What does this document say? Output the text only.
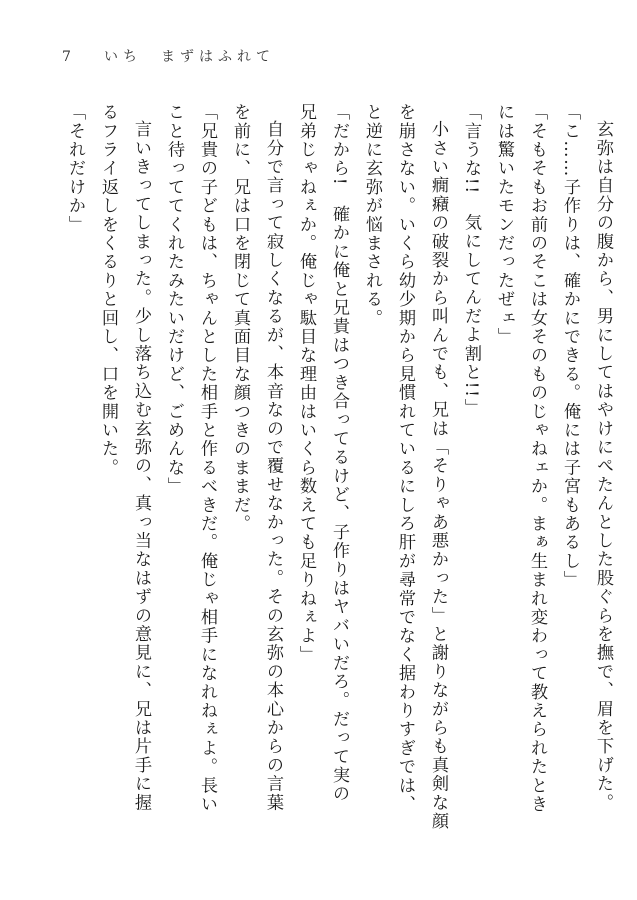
7 いち　まずはふれて

玄弥は自分の腹から、男にしてはやけにぺたんとした股ぐらを撫で、眉を下げた。

「こ……子作りは、確かにできる。俺には子宮もあるし」

「そもそもお前のそこは女そのものじゃねェか。まぁ生まれ変わって教えられたとき

には驚いたモンだったぜェ」

「言うな!!　気にしてんだよ割と!!」

小さい癇癪の破裂から叫んでも、兄は「そりゃあ悪かった」と謝りながらも真剣な顔

を崩さない。いくら幼少期から見慣れているにしろ肝が尋常でなく据わりすぎでは、

と逆に玄弥が悩まされる。

「だから!　確かに俺と兄貴はつき合ってるけど、子作りはヤバいだろ。だって実の

兄弟じゃねぇか。俺じゃ駄目な理由はいくら数えても足りねぇよ」

自分で言って寂しくなるが、本音なので覆せなかった。その玄弥の本心からの言葉

を前に、兄は口を閉じて真面目な顔つきのままだ。

「兄貴の子どもは、ちゃんとした相手と作るべきだ。俺じゃ相手になれねぇよ。長い

こと待っててくれたみたいだけど、ごめんな」

言いきってしまった。少し落ち込む玄弥の、真っ当なはずの意見に、兄は片手に握

るフライ返しをくるりと回し、口を開いた。

「それだけか」
